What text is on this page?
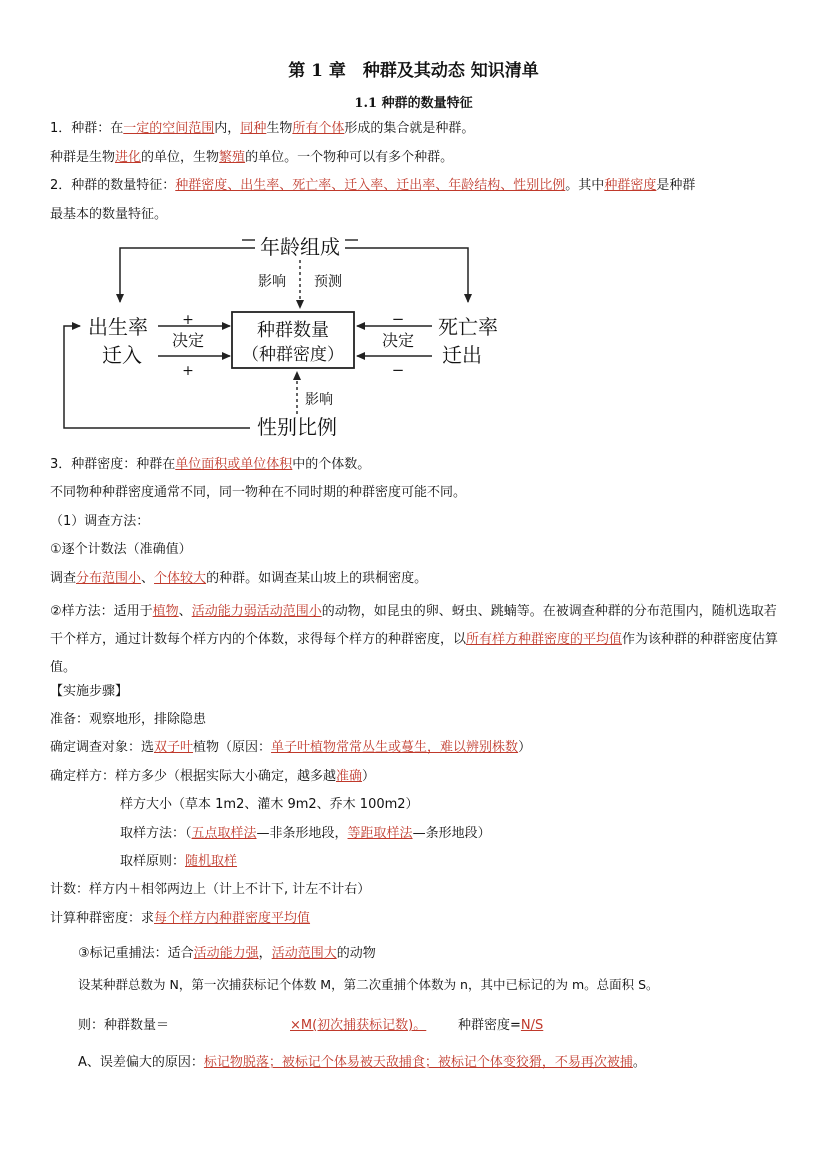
第 1 章　种群及其动态 知识清单
1.1 种群的数量特征

1．种群：在一定的空间范围内，同种生物所有个体形成的集合就是种群。

种群是生物进化的单位，生物繁殖的单位。一个物种可以有多个种群。

2．种群的数量特征：种群密度、出生率、死亡率、迁入率、迁出率、年龄结构、性别比例。其中种群密度是种群

最基本的数量特征。

年龄组成
影响 预测
种群数量
（种群密度）
出生率
迁入
+
+
决定
死亡率
迁出
−
−
决定
性别比例
影响

3．种群密度：种群在单位面积或单位体积中的个体数。

不同物种种群密度通常不同，同一物种在不同时期的种群密度可能不同。

（1）调查方法：

①逐个计数法（准确值）

调查分布范围小、个体较大的种群。如调查某山坡上的珙桐密度。

②样方法：适用于植物、活动能力弱活动范围小的动物，如昆虫的卵、蚜虫、跳蝻等。在被调查种群的分布范围内，随机选取若干个样方，通过计数每个样方内的个体数，求得每个样方的种群密度，以所有样方种群密度的平均值作为该种群的种群密度估算值。

【实施步骤】

准备：观察地形，排除隐患

确定调查对象：选双子叶植物（原因：单子叶植物常常丛生或蔓生，难以辨别株数）

确定样方：样方多少（根据实际大小确定，越多越准确）

样方大小（草本 1m2、灌木 9m2、乔木 100m2）

取样方法：（五点取样法—非条形地段，等距取样法—条形地段）

取样原则：随机取样

计数：样方内＋相邻两边上（计上不计下, 计左不计右）

计算种群密度：求每个样方内种群密度平均值

③标记重捕法：适合活动能力强，活动范围大的动物

设某种群总数为 N，第一次捕获标记个体数 M，第二次重捕个体数为 n，其中已标记的为 m。总面积 S。

则：种群数量＝	×M(初次捕获标记数)。	种群密度=N/S

A、误差偏大的原因：标记物脱落；被标记个体易被天敌捕食；被标记个体变狡猾，不易再次被捕。
